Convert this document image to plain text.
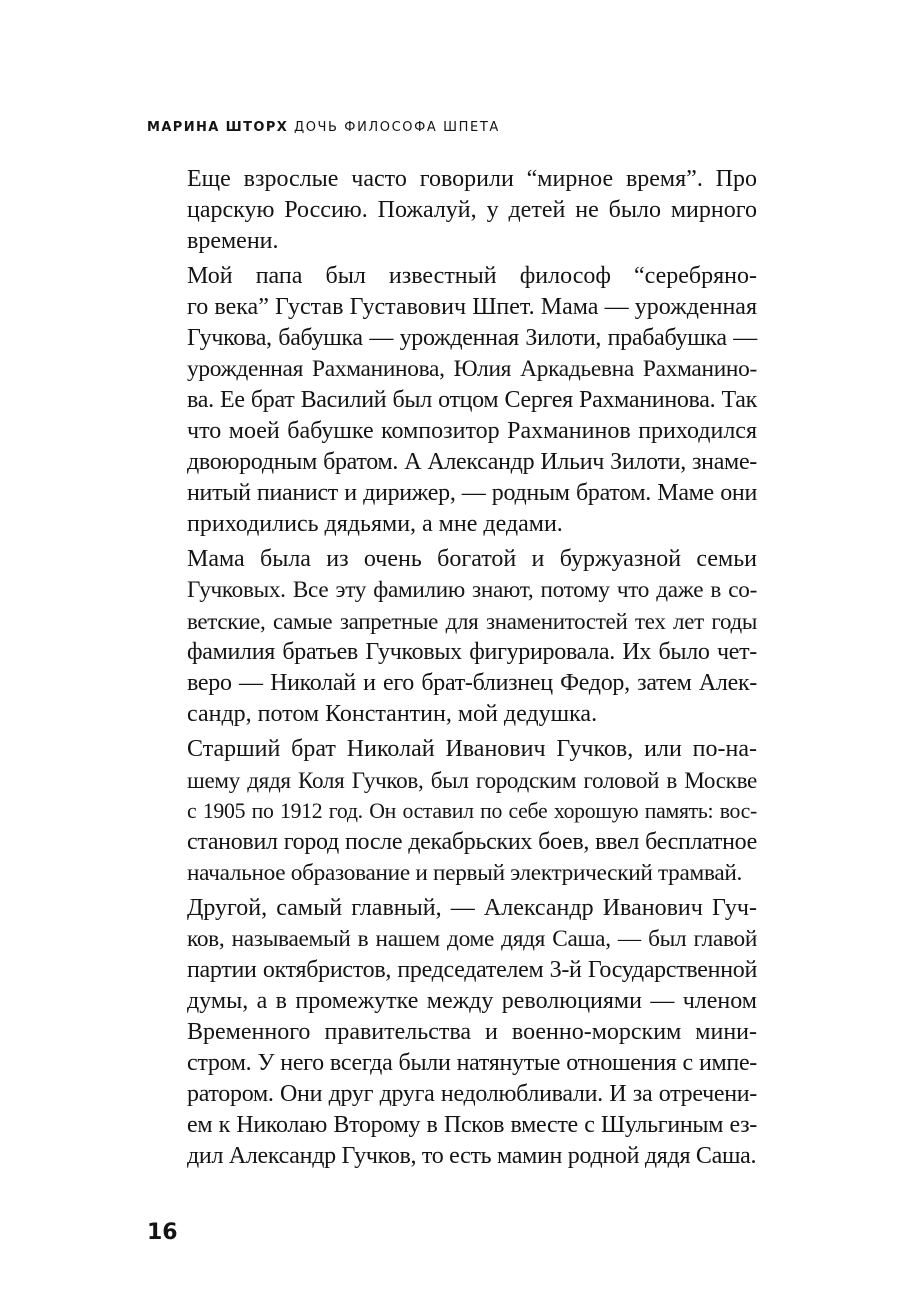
МАРИНА ШТОРХ ДОЧЬ ФИЛОСОФА ШПЕТА
Еще взрослые часто говорили “мирное время”. Про
царскую Россию. Пожалуй, у детей не было мирного
времени.
Мой папа был известный философ “серебряно-
го века” Густав Густавович Шпет. Мама — урожденная
Гучкова, бабушка — урожденная Зилоти, прабабушка —
урожденная Рахманинова, Юлия Аркадьевна Рахманино-
ва. Ее брат Василий был отцом Сергея Рахманинова. Так
что моей бабушке композитор Рахманинов приходился
двоюродным братом. А Александр Ильич Зилоти, знаме-
нитый пианист и дирижер, — родным братом. Маме они
приходились дядьями, а мне дедами.
Мама была из очень богатой и буржуазной семьи
Гучковых. Все эту фамилию знают, потому что даже в со-
ветские, самые запретные для знаменитостей тех лет годы
фамилия братьев Гучковых фигурировала. Их было чет-
веро — Николай и его брат-близнец Федор, затем Алек-
сандр, потом Константин, мой дедушка.
Старший брат Николай Иванович Гучков, или по-на-
шему дядя Коля Гучков, был городским головой в Москве
с 1905 по 1912 год. Он оставил по себе хорошую память: вос-
становил город после декабрьских боев, ввел бесплатное
начальное образование и первый электрический трамвай.
Другой, самый главный, — Александр Иванович Гуч-
ков, называемый в нашем доме дядя Саша, — был главой
партии октябристов, председателем 3-й Государственной
думы, а в промежутке между революциями — членом
Временного правительства и военно-морским мини-
стром. У него всегда были натянутые отношения с импе-
ратором. Они друг друга недолюбливали. И за отречени-
ем к Николаю Второму в Псков вместе с Шульгиным ез-
дил Александр Гучков, то есть мамин родной дядя Саша.
16
